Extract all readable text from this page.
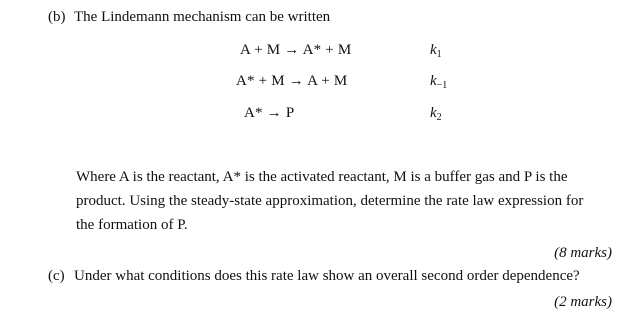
(b) The Lindemann mechanism can be written
A + M → A* + M	$k_1$
A* + M → A + M	$k_{-1}$
A* → P	$k_2$
Where A is the reactant, A* is the activated reactant, M is a buffer gas and P is the
product. Using the steady-state approximation, determine the rate law expression for
the formation of P.
(8 marks)
(c) Under what conditions does this rate law show an overall second order dependence?
(2 marks)
